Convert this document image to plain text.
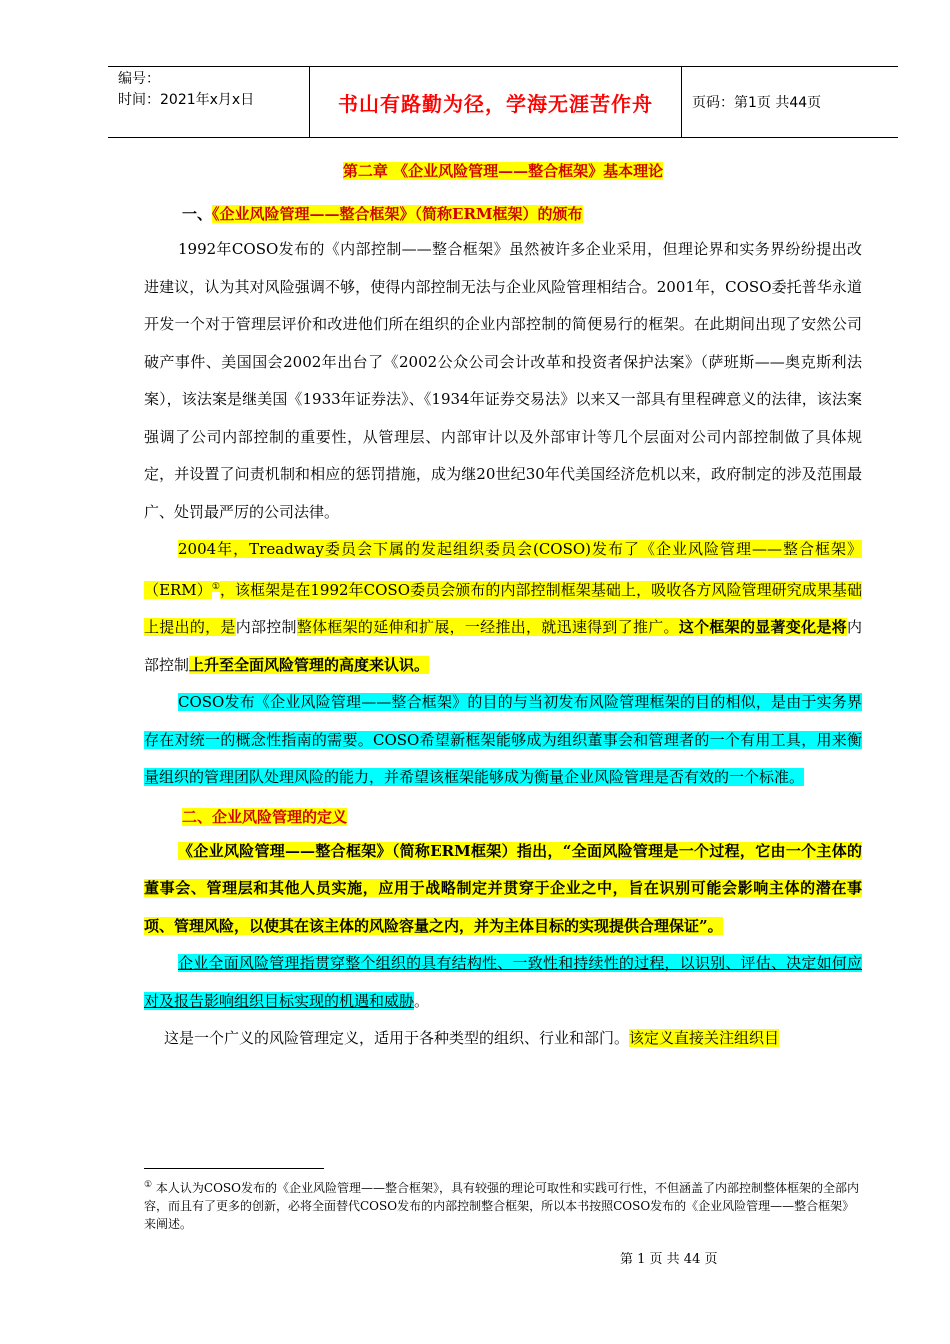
编号：
时间：2021年x月x日	书山有路勤为径，学海无涯苦作舟	页码：第1页 共44页
第二章 《企业风险管理——整合框架》基本理论
一、《企业风险管理——整合框架》（简称ERM框架）的颁布

1992年COSO发布的《内部控制——整合框架》虽然被许多企业采用，但理论界和实务界纷纷提出改进建议，认为其对风险强调不够，使得内部控制无法与企业风险管理相结合。2001年，COSO委托普华永道开发一个对于管理层评价和改进他们所在组织的企业内部控制的简便易行的框架。在此期间出现了安然公司破产事件、美国国会2002年出台了《2002公众公司会计改革和投资者保护法案》（萨班斯——奥克斯利法案），该法案是继美国《1933年证券法》、《1934年证券交易法》以来又一部具有里程碑意义的法律，该法案强调了公司内部控制的重要性，从管理层、内部审计以及外部审计等几个层面对公司内部控制做了具体规定，并设置了问责机制和相应的惩罚措施，成为继20世纪30年代美国经济危机以来，政府制定的涉及范围最广、处罚最严厉的公司法律。

2004年，Treadway委员会下属的发起组织委员会(COSO)发布了《企业风险管理——整合框架》（ERM）①，该框架是在1992年COSO委员会颁布的内部控制框架基础上，吸收各方风险管理研究成果基础上提出的，是内部控制整体框架的延伸和扩展，一经推出，就迅速得到了推广。这个框架的显著变化是将内部控制上升至全面风险管理的高度来认识。

COSO发布《企业风险管理——整合框架》的目的与当初发布风险管理框架的目的相似，是由于实务界存在对统一的概念性指南的需要。COSO希望新框架能够成为组织董事会和管理者的一个有用工具，用来衡量组织的管理团队处理风险的能力，并希望该框架能够成为衡量企业风险管理是否有效的一个标准。

二、企业风险管理的定义

《企业风险管理——整合框架》（简称ERM框架）指出，“全面风险管理是一个过程，它由一个主体的董事会、管理层和其他人员实施，应用于战略制定并贯穿于企业之中，旨在识别可能会影响主体的潜在事项、管理风险，以使其在该主体的风险容量之内，并为主体目标的实现提供合理保证”。

企业全面风险管理指贯穿整个组织的具有结构性、一致性和持续性的过程，以识别、评估、决定如何应对及报告影响组织目标实现的机遇和威胁。

这是一个广义的风险管理定义，适用于各种类型的组织、行业和部门。该定义直接关注组织目

① 本人认为COSO发布的《企业风险管理——整合框架》，具有较强的理论可取性和实践可行性，不但涵盖了内部控制整体框架的全部内容，而且有了更多的创新，必将全面替代COSO发布的内部控制整合框架，所以本书按照COSO发布的《企业风险管理——整合框架》来阐述。
第 1 页 共 44 页
